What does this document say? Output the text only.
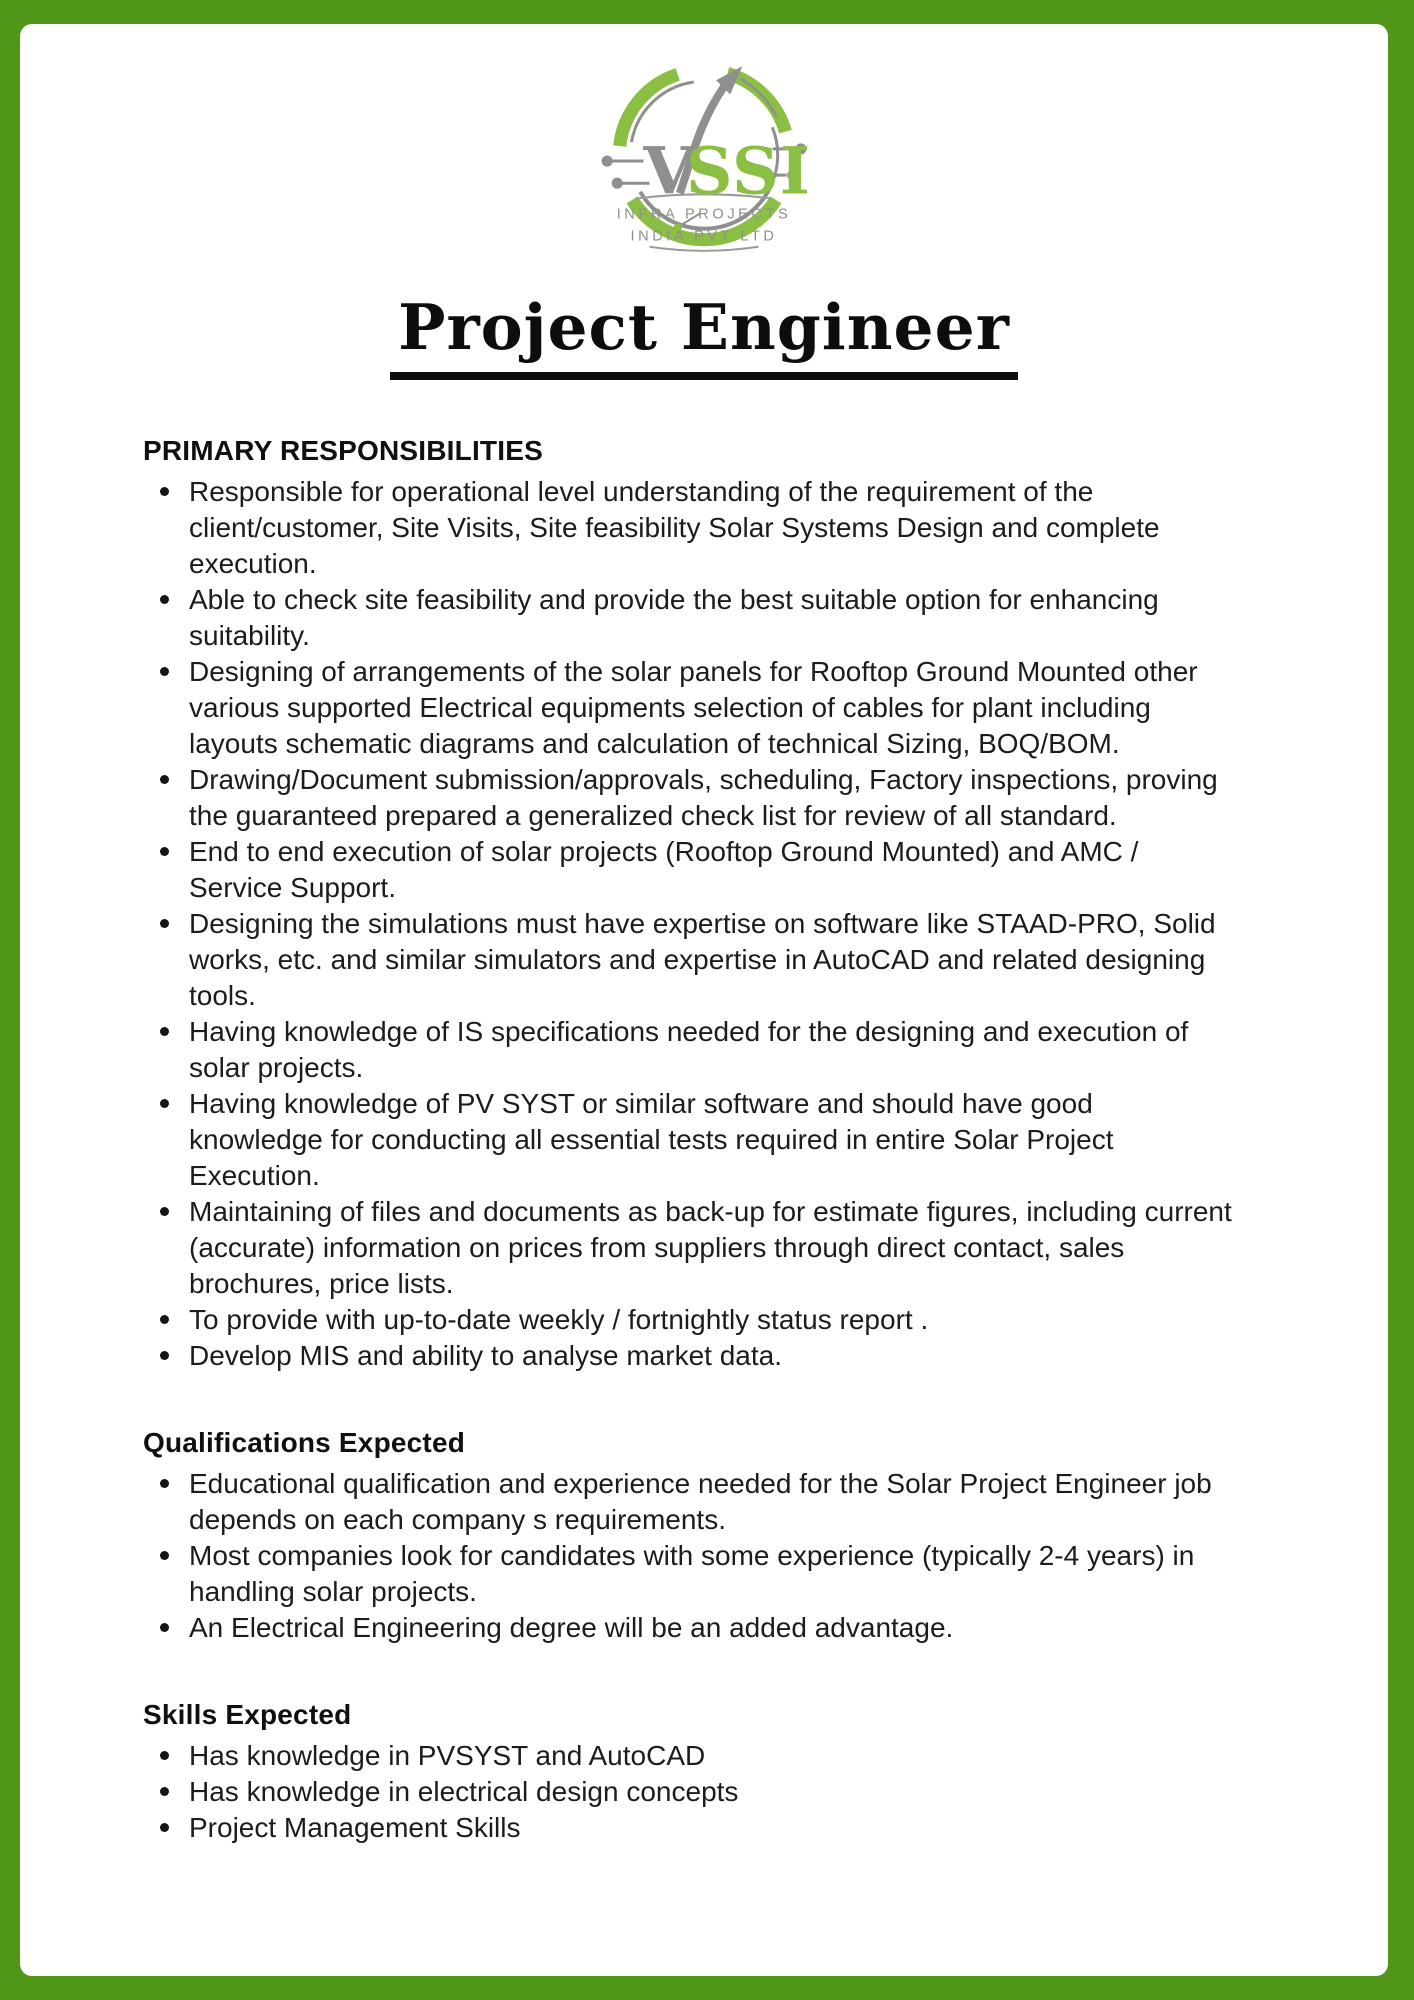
V
SSI
INFRA PROJECTS
INDIA PVT LTD
Project Engineer
PRIMARY RESPONSIBILITIES
Responsible for operational level understanding of the requirement of the client/customer, Site Visits, Site feasibility Solar Systems Design and complete execution.
Able to check site feasibility and provide the best suitable option for enhancing suitability.
Designing of arrangements of the solar panels for Rooftop Ground Mounted other various supported Electrical equipments selection of cables for plant including layouts schematic diagrams and calculation of technical Sizing, BOQ/BOM.
Drawing/Document submission/approvals, scheduling, Factory inspections, proving the guaranteed prepared a generalized check list for review of all standard.
End to end execution of solar projects (Rooftop Ground Mounted) and AMC / Service Support.
Designing the simulations must have expertise on software like STAAD-PRO, Solid works, etc. and similar simulators and expertise in AutoCAD and related designing tools.
Having knowledge of IS specifications needed for the designing and execution of solar projects.
Having knowledge of PV SYST or similar software and should have good knowledge for conducting all essential tests required in entire Solar Project Execution.
Maintaining of files and documents as back-up for estimate figures, including current (accurate) information on prices from suppliers through direct contact, sales brochures, price lists.
To provide with up-to-date weekly / fortnightly status report .
Develop MIS and ability to analyse market data.
Qualifications Expected
Educational qualification and experience needed for the Solar Project Engineer job depends on each company s requirements.
Most companies look for candidates with some experience (typically 2-4 years) in handling solar projects.
An Electrical Engineering degree will be an added advantage.
Skills Expected
Has knowledge in PVSYST and AutoCAD
Has knowledge in electrical design concepts
Project Management Skills
